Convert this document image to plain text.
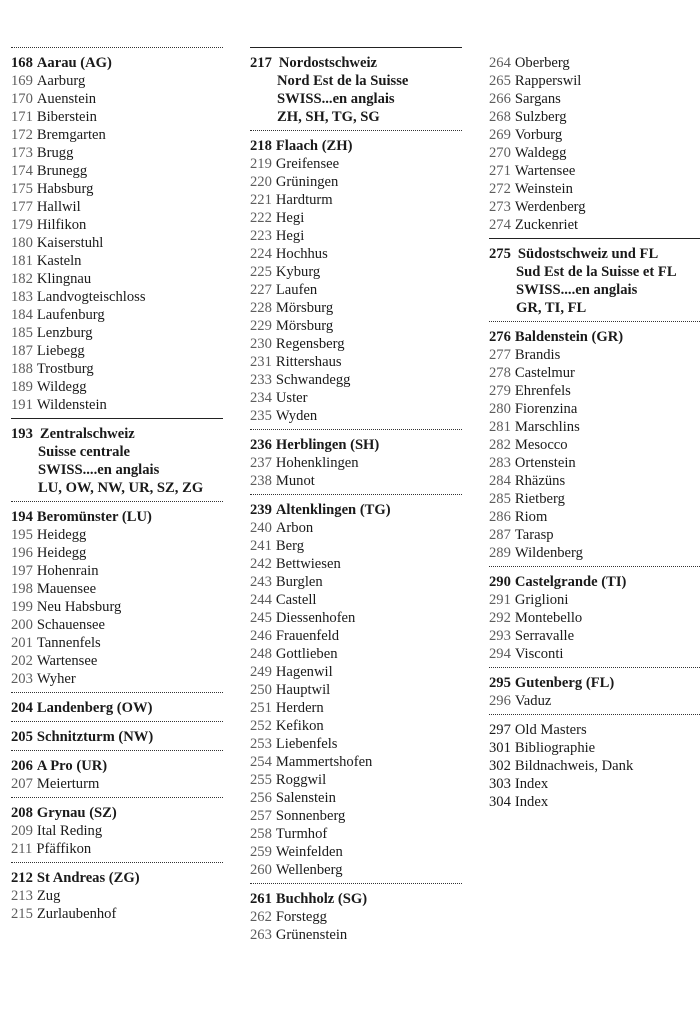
168 Aarau (AG)
169 Aarburg
170 Auenstein
171 Biberstein
172 Bremgarten
173 Brugg
174 Brunegg
175 Habsburg
177 Hallwil
179 Hilfikon
180 Kaiserstuhl
181 Kasteln
182 Klingnau
183 Landvogteischloss
184 Laufenburg
185 Lenzburg
187 Liebegg
188 Trostburg
189 Wildegg
191 Wildenstein
193 Zentralschweiz
Suisse centrale
SWISS....en anglais
LU, OW, NW, UR, SZ, ZG
194 Beromünster (LU)
195 Heidegg
196 Heidegg
197 Hohenrain
198 Mauensee
199 Neu Habsburg
200 Schauensee
201 Tannenfels
202 Wartensee
203 Wyher
204 Landenberg (OW)
205 Schnitzturm (NW)
206 A Pro (UR)
207 Meierturm
208 Grynau (SZ)
209 Ital Reding
211 Pfäffikon
212 St Andreas (ZG)
213 Zug
215 Zurlaubenhof
217 Nordostschweiz
Nord Est de la Suisse
SWISS...en anglais
ZH, SH, TG, SG
218 Flaach (ZH)
219 Greifensee
220 Grüningen
221 Hardturm
222 Hegi
223 Hegi
224 Hochhus
225 Kyburg
227 Laufen
228 Mörsburg
229 Mörsburg
230 Regensberg
231 Rittershaus
233 Schwandegg
234 Uster
235 Wyden
236 Herblingen (SH)
237 Hohenklingen
238 Munot
239 Altenklingen (TG)
240 Arbon
241 Berg
242 Bettwiesen
243 Burglen
244 Castell
245 Diessenhofen
246 Frauenfeld
248 Gottlieben
249 Hagenwil
250 Hauptwil
251 Herdern
252 Kefikon
253 Liebenfels
254 Mammertshofen
255 Roggwil
256 Salenstein
257 Sonnenberg
258 Turmhof
259 Weinfelden
260 Wellenberg
261 Buchholz (SG)
262 Forstegg
263 Grünenstein
264 Oberberg
265 Rapperswil
266 Sargans
268 Sulzberg
269 Vorburg
270 Waldegg
271 Wartensee
272 Weinstein
273 Werdenberg
274 Zuckenriet
275 Südostschweiz und FL
Sud Est de la Suisse et FL
SWISS....en anglais
GR, TI, FL
276 Baldenstein (GR)
277 Brandis
278 Castelmur
279 Ehrenfels
280 Fiorenzina
281 Marschlins
282 Mesocco
283 Ortenstein
284 Rhäzüns
285 Rietberg
286 Riom
287 Tarasp
289 Wildenberg
290 Castelgrande (TI)
291 Griglioni
292 Montebello
293 Serravalle
294 Visconti
295 Gutenberg (FL)
296 Vaduz
297 Old Masters
301 Bibliographie
302 Bildnachweis, Dank
303 Index
304 Index
